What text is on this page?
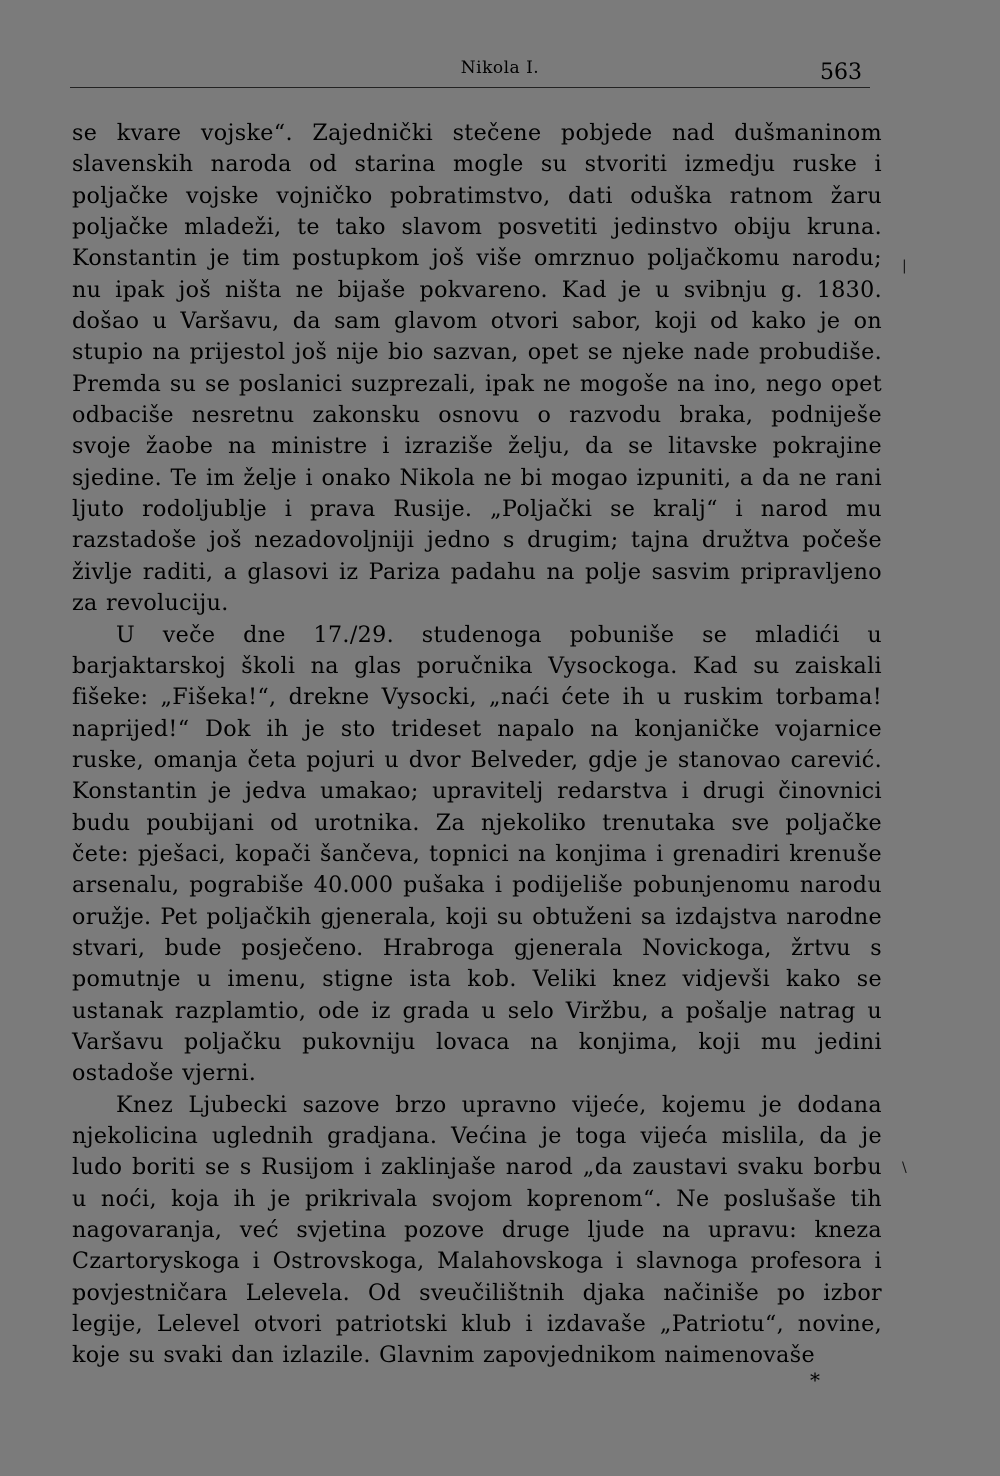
Nikola I.	563

se kvare vojske“. Zajednički stečene pobjede nad dušmaninom slavenskih naroda od starina mogle su stvoriti izmedju ruske i poljačke vojske vojničko pobratimstvo, dati oduška ratnom žaru poljačke mladeži, te tako slavom posvetiti jedinstvo obiju kruna. Konstantin je tim postupkom još više omrznuo poljačkomu narodu; nu ipak još ništa ne bijaše pokvareno. Kad je u svibnju g. 1830. došao u Varšavu, da sam glavom otvori sabor, koji od kako je on stupio na prijestol još nije bio sazvan, opet se njeke nade probudiše. Premda su se poslanici suzprezali, ipak ne mogoše na ino, nego opet odbaciše nesretnu zakonsku osnovu o razvodu braka, podniješe svoje žaobe na ministre i izraziše želju, da se litavske pokrajine sjedine. Te im želje i onako Nikola ne bi mogao izpuniti, a da ne rani ljuto rodoljublje i prava Rusije. „Poljački se kralj“ i narod mu razstadoše još nezadovoljniji jedno s drugim; tajna družtva počeše življe raditi, a glasovi iz Pariza padahu na polje sasvim pripravljeno za revoluciju.

U veče dne 17./29. studenoga pobuniše se mladići u barjaktarskoj školi na glas poručnika Vysockoga. Kad su zaiskali fišeke: „Fišeka!“, drekne Vysocki, „naći ćete ih u ruskim torbama! naprijed!“ Dok ih je sto trideset napalo na konjaničke vojarnice ruske, omanja četa pojuri u dvor Belveder, gdje je stanovao carević. Konstantin je jedva umakao; upravitelj redarstva i drugi činovnici budu poubijani od urotnika. Za njekoliko trenutaka sve poljačke čete: pješaci, kopači šančeva, topnici na konjima i grenadiri krenuše arsenalu, pograbiše 40.000 pušaka i podijeliše pobunjenomu narodu oružje. Pet poljačkih gjenerala, koji su obtuženi sa izdajstva narodne stvari, bude posječeno. Hrabroga gjenerala Novickoga, žrtvu s pomutnje u imenu, stigne ista kob. Veliki knez vidjevši kako se ustanak razplamtio, ode iz grada u selo Viržbu, a pošalje natrag u Varšavu poljačku pukovniju lovaca na konjima, koji mu jedini ostadoše vjerni.

Knez Ljubecki sazove brzo upravno vijeće, kojemu je dodana njekolicina uglednih gradjana. Većina je toga vijeća mislila, da je ludo boriti se s Rusijom i zaklinjaše narod „da zaustavi svaku borbu u noći, koja ih je prikrivala svojom koprenom“. Ne poslušaše tih nagovaranja, već svjetina pozove druge ljude na upravu: kneza Czartoryskoga i Ostrovskoga, Malahovskoga i slavnoga profesora i povjestničara Lelevela. Od sveučilištnih djaka načiniše po izbor legije, Lelevel otvori patriotski klub i izdavaše „Patriotu“, novine, koje su svaki dan izlazile. Glavnim zapovjednikom naimenovaše

*
|
\
